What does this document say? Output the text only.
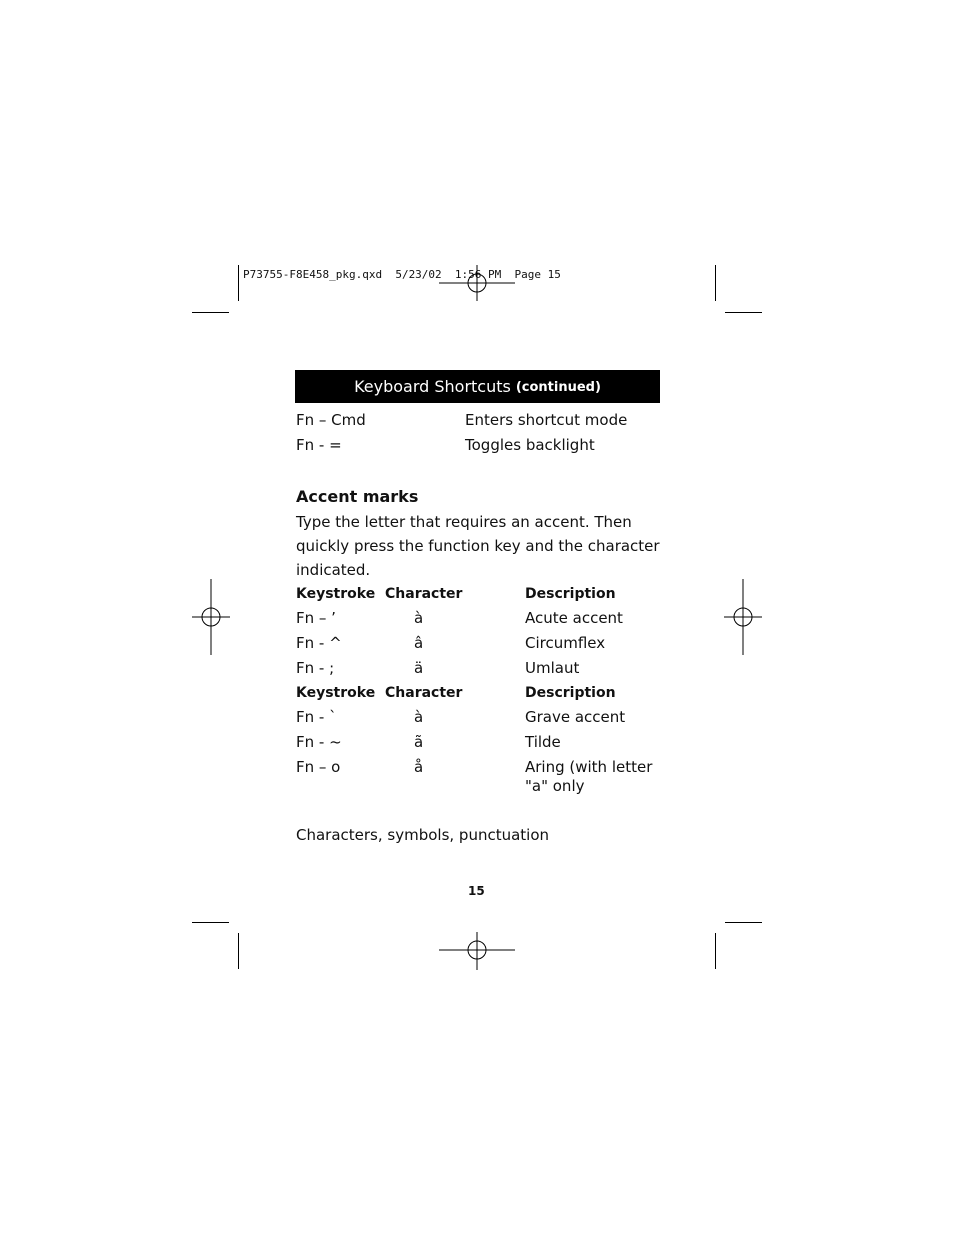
P73755-F8E458_pkg.qxd  5/23/02  1:56 PM  Page 15
Keyboard Shortcuts (continued)
Fn – Cmd	Enters shortcut mode
Fn - =	Toggles backlight
Accent marks
Type the letter that requires an accent. Then quickly press the function key and the character indicated.
Keystroke Character	Description
Fn – ’	à	Acute accent
Fn - ^	â	Circumflex
Fn - ;	ä	Umlaut
Keystroke Character	Description
Fn - `	à	Grave accent
Fn - ~	ã	Tilde
Fn – o	å	Aring (with letter
"a" only
Characters, symbols, punctuation
15
